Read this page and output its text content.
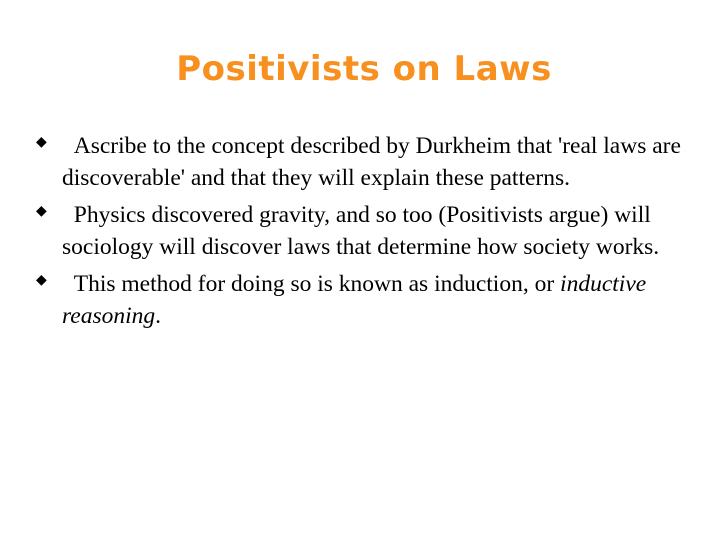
Positivists on Laws
◆
Ascribe to the concept described by Durkheim that 'real laws are discoverable' and that they will explain these patterns.
◆
Physics discovered gravity, and so too (Positivists argue) will sociology will discover laws that determine how society works.
◆
This method for doing so is known as induction, or inductive reasoning.
